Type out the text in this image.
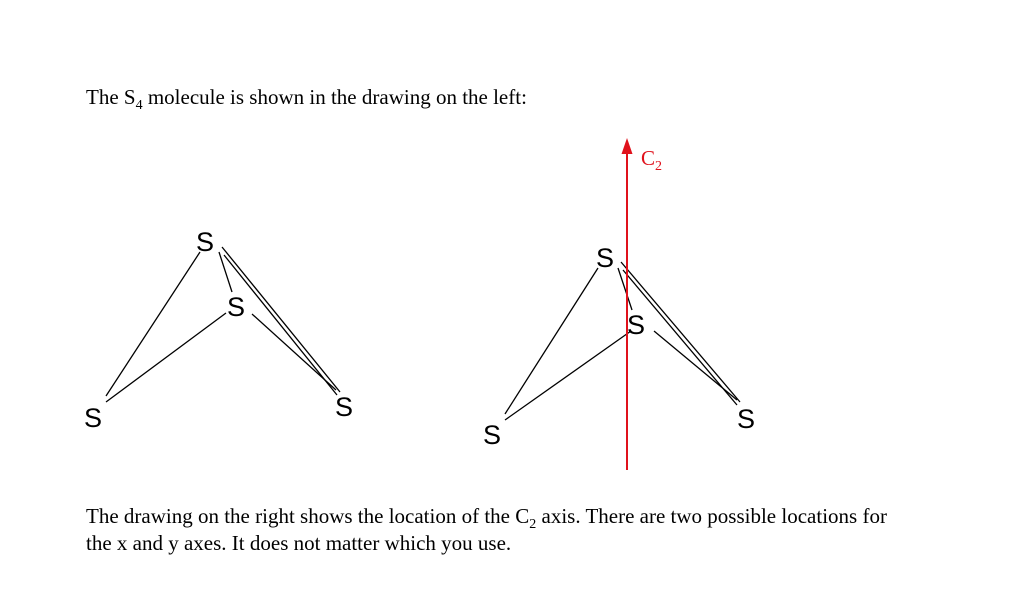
The $S_4$ molecule is shown in the drawing on the left:

S
S
S	S
S
S
S
S
C2

The drawing on the right shows the location of the $C_2$ axis. There are two possible locations for

the x and y axes. It does not matter which you use.
